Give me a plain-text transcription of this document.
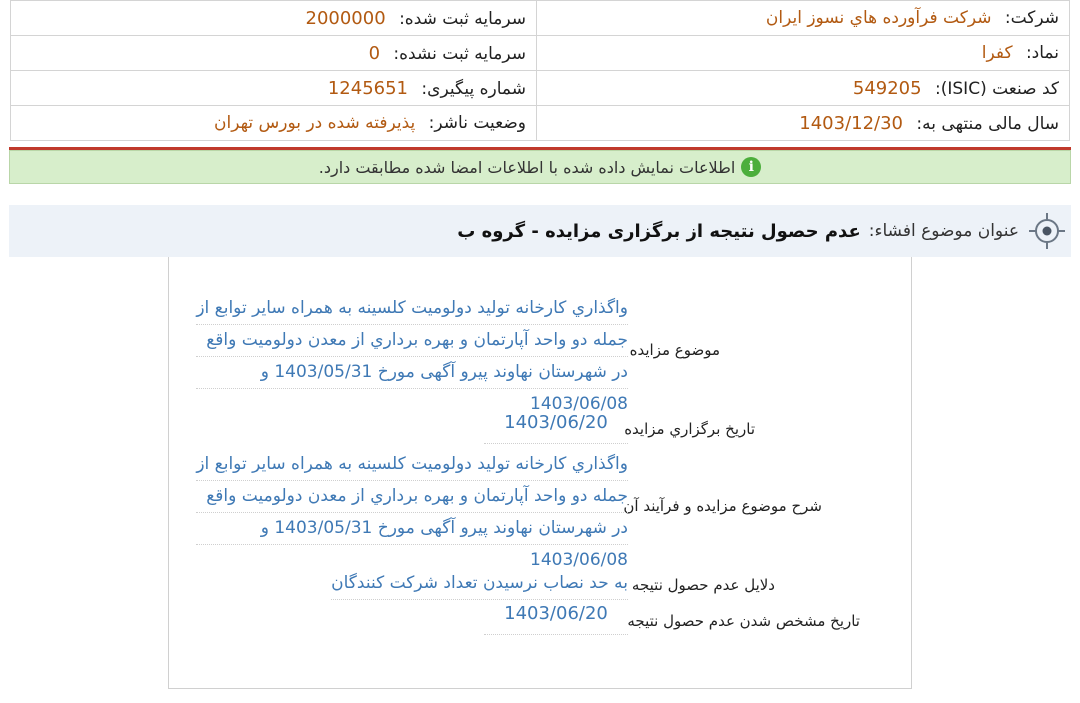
شرکت: شركت فرآورده هاي نسوز ايران	سرمایه ثبت شده: 2000000
نماد: کفرا	سرمایه ثبت نشده: 0
کد صنعت (ISIC): 549205	شماره پیگیری: 1245651
سال مالی منتهی به: 1403/12/30	وضعیت ناشر: پذیرفته شده در بورس تهران
i
اطلاعات نمایش داده شده با اطلاعات امضا شده مطابقت دارد.
عنوان موضوع افشاء:
عدم حصول نتیجه از برگزاری مزایده - گروه ب
موضوع مزایده
واگذاري كارخانه توليد دولوميت كلسينه به همراه ساير توابع از
جمله دو واحد آپارتمان و بهره برداري از معدن دولوميت واقع
در شهرستان نهاوند پیرو آگهی مورخ 1403/05/31 و
1403/06/08
تاريخ برگزاري مزايده
1403/06/20
شرح موضوع مزایده و فرآیند آن
واگذاري كارخانه توليد دولوميت كلسينه به همراه ساير توابع از
جمله دو واحد آپارتمان و بهره برداري از معدن دولوميت واقع
در شهرستان نهاوند پیرو آگهی مورخ 1403/05/31 و
1403/06/08
دلایل عدم حصول نتیجه
به حد نصاب نرسیدن تعداد شرکت کنندگان
تاریخ مشخص شدن عدم حصول نتیجه
1403/06/20
